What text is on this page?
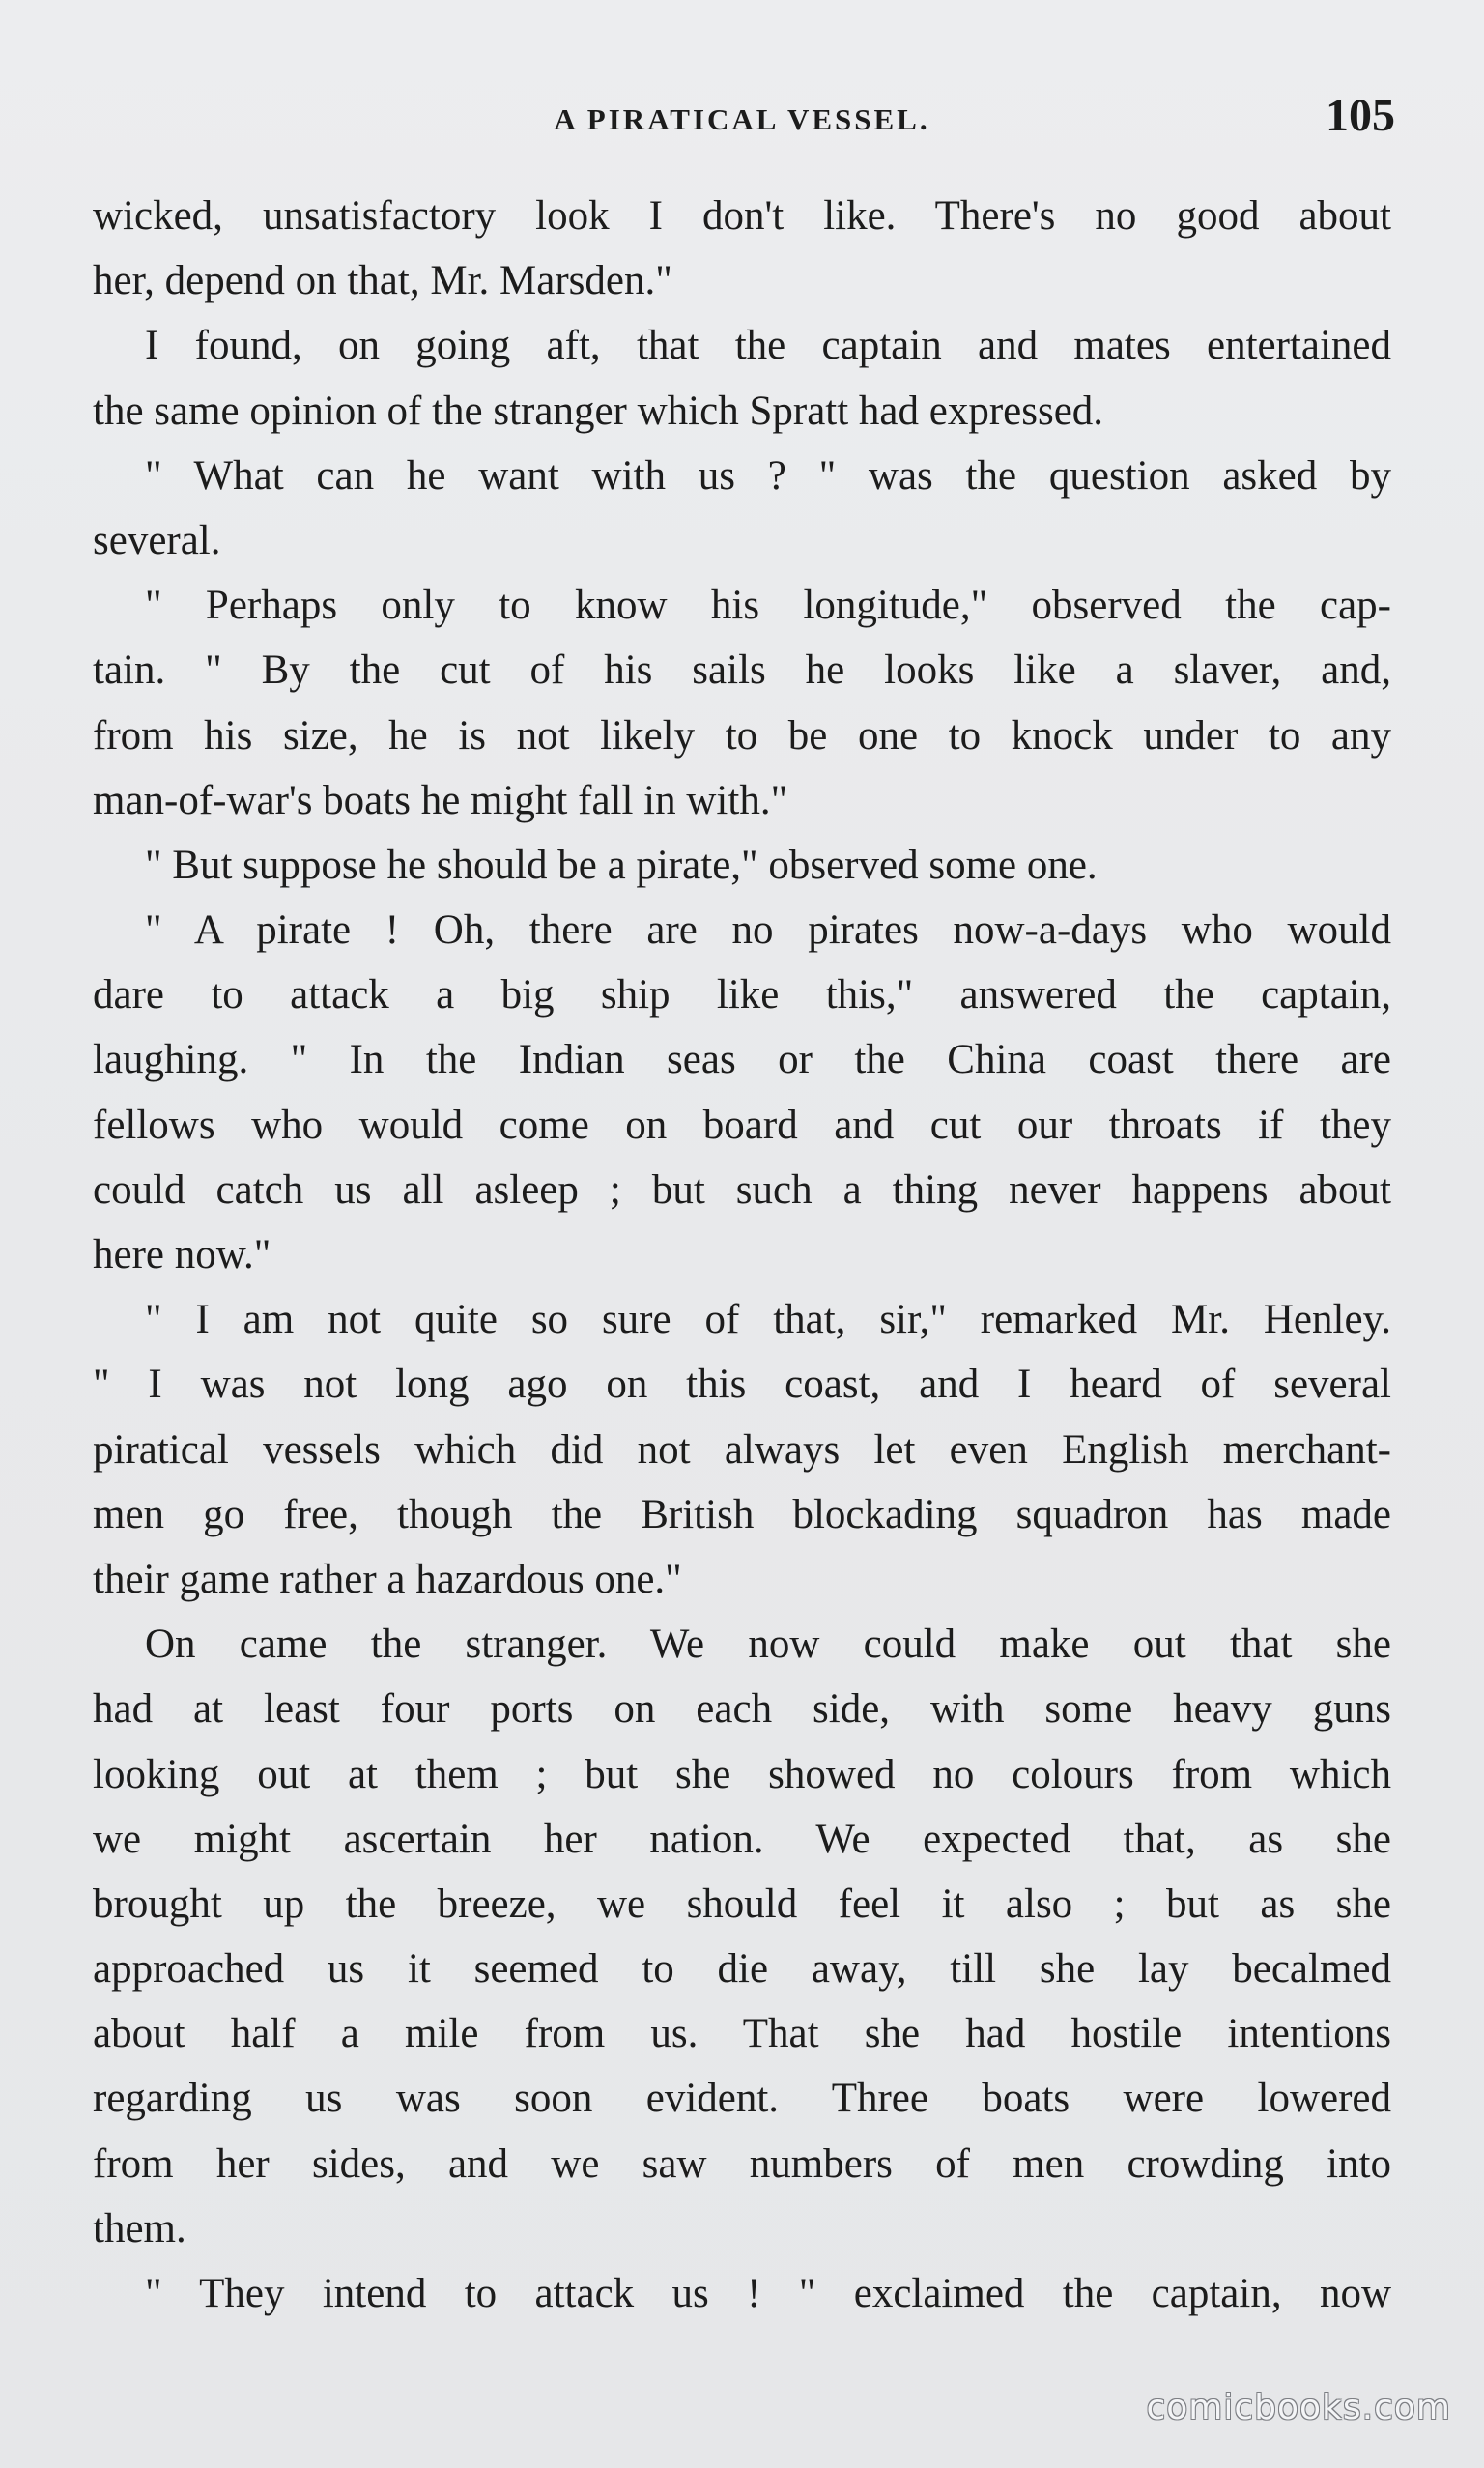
A PIRATICAL VESSEL.	105
wicked, unsatisfactory look I don't like. There's no good about
her, depend on that, Mr. Marsden."
I found, on going aft, that the captain and mates entertained
the same opinion of the stranger which Spratt had expressed.
" What can he want with us ? " was the question asked by
several.
" Perhaps only to know his longitude," observed the cap-
tain. " By the cut of his sails he looks like a slaver, and,
from his size, he is not likely to be one to knock under to any
man-of-war's boats he might fall in with."
" But suppose he should be a pirate," observed some one.
" A pirate ! Oh, there are no pirates now-a-days who would
dare to attack a big ship like this," answered the captain,
laughing. " In the Indian seas or the China coast there are
fellows who would come on board and cut our throats if they
could catch us all asleep ; but such a thing never happens about
here now."
" I am not quite so sure of that, sir," remarked Mr. Henley.
" I was not long ago on this coast, and I heard of several
piratical vessels which did not always let even English merchant-
men go free, though the British blockading squadron has made
their game rather a hazardous one."
On came the stranger. We now could make out that she
had at least four ports on each side, with some heavy guns
looking out at them ; but she showed no colours from which
we might ascertain her nation. We expected that, as she
brought up the breeze, we should feel it also ; but as she
approached us it seemed to die away, till she lay becalmed
about half a mile from us. That she had hostile intentions
regarding us was soon evident. Three boats were lowered
from her sides, and we saw numbers of men crowding into
them.
" They intend to attack us ! " exclaimed the captain, now
comicbooks.com
